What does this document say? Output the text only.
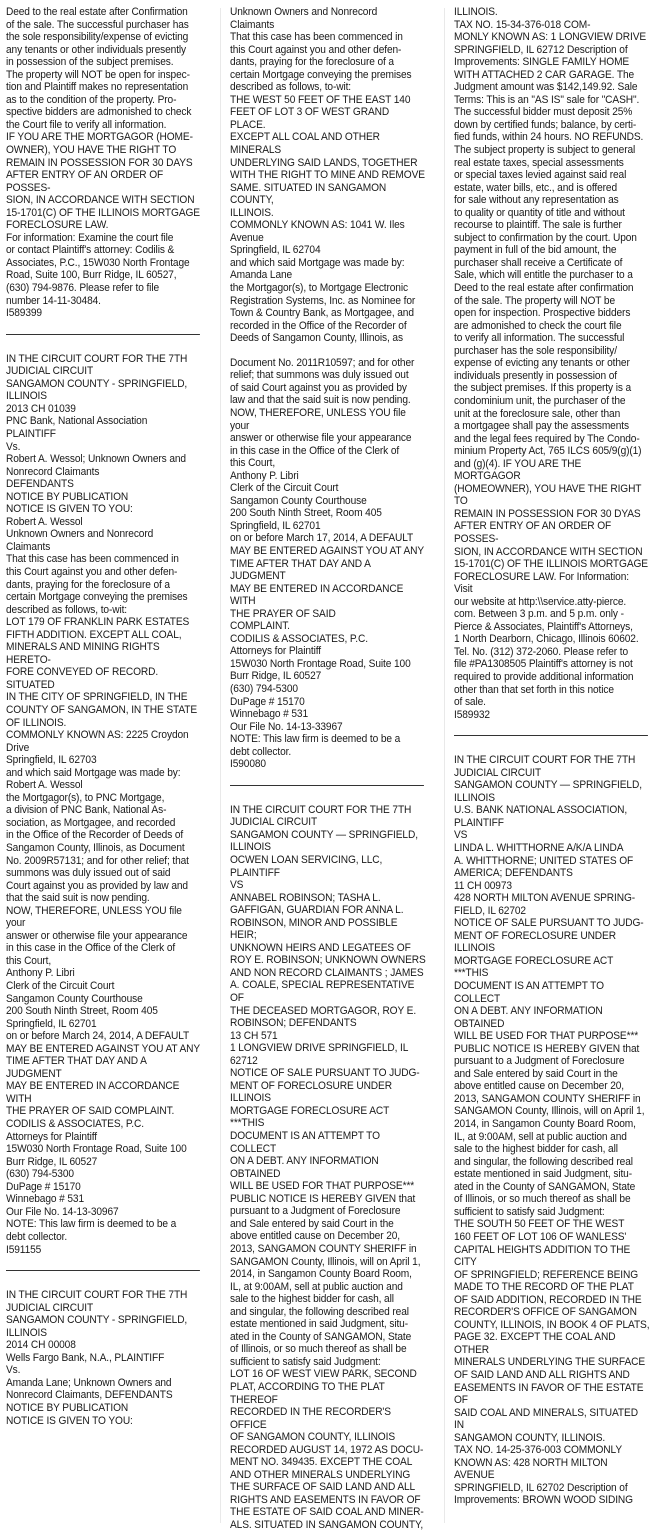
Deed to the real estate after Confirmation
of the sale. The successful purchaser has
the sole responsibility/expense of evicting
any tenants or other individuals presently
in possession of the subject premises.
The property will NOT be open for inspec-
tion and Plaintiff makes no representation
as to the condition of the property. Pro-
spective bidders are admonished to check
the Court file to verify all information.
IF YOU ARE THE MORTGAGOR (HOME-
OWNER), YOU HAVE THE RIGHT TO
REMAIN IN POSSESSION FOR 30 DAYS
AFTER ENTRY OF AN ORDER OF POSSES-
SION, IN ACCORDANCE WITH SECTION
15-1701(C) OF THE ILLINOIS MORTGAGE
FORECLOSURE LAW.
For information: Examine the court file
or contact Plaintiff's attorney: Codilis &
Associates, P.C., 15W030 North Frontage
Road, Suite 100, Burr Ridge, IL 60527,
(630) 794-9876. Please refer to file
number 14-11-30484.
I589399
IN THE CIRCUIT COURT FOR THE 7TH
JUDICIAL CIRCUIT
SANGAMON COUNTY - SPRINGFIELD,
ILLINOIS
2013 CH 01039
PNC Bank, National Association
PLAINTIFF
Vs.
Robert A. Wessol; Unknown Owners and
Nonrecord Claimants
DEFENDANTS
NOTICE BY PUBLICATION
NOTICE IS GIVEN TO YOU:
Robert A. Wessol
Unknown Owners and Nonrecord
Claimants
That this case has been commenced in
this Court against you and other defen-
dants, praying for the foreclosure of a
certain Mortgage conveying the premises
described as follows, to-wit:
LOT 179 OF FRANKLIN PARK ESTATES
FIFTH ADDITION. EXCEPT ALL COAL,
MINERALS AND MINING RIGHTS HERETO-
FORE CONVEYED OF RECORD. SITUATED
IN THE CITY OF SPRINGFIELD, IN THE
COUNTY OF SANGAMON, IN THE STATE
OF ILLINOIS.
COMMONLY KNOWN AS: 2225 Croydon
Drive
Springfield, IL 62703
and which said Mortgage was made by:
Robert A. Wessol
the Mortgagor(s), to PNC Mortgage,
a division of PNC Bank, National As-
sociation, as Mortgagee, and recorded
in the Office of the Recorder of Deeds of
Sangamon County, Illinois, as Document
No. 2009R57131; and for other relief; that
summons was duly issued out of said
Court against you as provided by law and
that the said suit is now pending.
NOW, THEREFORE, UNLESS YOU file your
answer or otherwise file your appearance
in this case in the Office of the Clerk of
this Court,
Anthony P. Libri
Clerk of the Circuit Court
Sangamon County Courthouse
200 South Ninth Street, Room 405
Springfield, IL 62701
on or before March 24, 2014, A DEFAULT
MAY BE ENTERED AGAINST YOU AT ANY
TIME AFTER THAT DAY AND A JUDGMENT
MAY BE ENTERED IN ACCORDANCE WITH
THE PRAYER OF SAID COMPLAINT.
CODILIS & ASSOCIATES, P.C.
Attorneys for Plaintiff
15W030 North Frontage Road, Suite 100
Burr Ridge, IL 60527
(630) 794-5300
DuPage # 15170
Winnebago # 531
Our File No. 14-13-30967
NOTE: This law firm is deemed to be a
debt collector.
I591155
IN THE CIRCUIT COURT FOR THE 7TH
JUDICIAL CIRCUIT
SANGAMON COUNTY - SPRINGFIELD,
ILLINOIS
2014 CH 00008
Wells Fargo Bank, N.A., PLAINTIFF
Vs.
Amanda Lane; Unknown Owners and
Nonrecord Claimants, DEFENDANTS
NOTICE BY PUBLICATION
NOTICE IS GIVEN TO YOU:
Unknown Owners and Nonrecord
Claimants
That this case has been commenced in
this Court against you and other defen-
dants, praying for the foreclosure of a
certain Mortgage conveying the premises
described as follows, to-wit:
THE WEST 50 FEET OF THE EAST 140
FEET OF LOT 3 OF WEST GRAND PLACE.
EXCEPT ALL COAL AND OTHER MINERALS
UNDERLYING SAID LANDS, TOGETHER
WITH THE RIGHT TO MINE AND REMOVE
SAME. SITUATED IN SANGAMON COUNTY,
ILLINOIS.
COMMONLY KNOWN AS: 1041 W. Iles
Avenue
Springfield, IL 62704
and which said Mortgage was made by:
Amanda Lane
the Mortgagor(s), to Mortgage Electronic
Registration Systems, Inc. as Nominee for
Town & Country Bank, as Mortgagee, and
recorded in the Office of the Recorder of
Deeds of Sangamon County, Illinois, as
Document No. 2011R10597; and for other
relief; that summons was duly issued out
of said Court against you as provided by
law and that the said suit is now pending.
NOW, THEREFORE, UNLESS YOU file your
answer or otherwise file your appearance
in this case in the Office of the Clerk of
this Court,
Anthony P. Libri
Clerk of the Circuit Court
Sangamon County Courthouse
200 South Ninth Street, Room 405
Springfield, IL 62701
on or before March 17, 2014, A DEFAULT
MAY BE ENTERED AGAINST YOU AT ANY
TIME AFTER THAT DAY AND A JUDGMENT
MAY BE ENTERED IN ACCORDANCE WITH
THE PRAYER OF SAID
COMPLAINT.
CODILIS & ASSOCIATES, P.C.
Attorneys for Plaintiff
15W030 North Frontage Road, Suite 100
Burr Ridge, IL 60527
(630) 794-5300
DuPage # 15170
Winnebago # 531
Our File No. 14-13-33967
NOTE: This law firm is deemed to be a
debt collector.
I590080
IN THE CIRCUIT COURT FOR THE 7TH
JUDICIAL CIRCUIT
SANGAMON COUNTY — SPRINGFIELD,
ILLINOIS
OCWEN LOAN SERVICING, LLC, PLAINTIFF
VS
ANNABEL ROBINSON; TASHA L.
GAFFIGAN, GUARDIAN FOR ANNA L.
ROBINSON, MINOR AND POSSIBLE HEIR;
UNKNOWN HEIRS AND LEGATEES OF
ROY E. ROBINSON; UNKNOWN OWNERS
AND NON RECORD CLAIMANTS ; JAMES
A. COALE, SPECIAL REPRESENTATIVE OF
THE DECEASED MORTGAGOR, ROY E.
ROBINSON; DEFENDANTS
13 CH 571
1 LONGVIEW DRIVE SPRINGFIELD, IL
62712
NOTICE OF SALE PURSUANT TO JUDG-
MENT OF FORECLOSURE UNDER ILLINOIS
MORTGAGE FORECLOSURE ACT ***THIS
DOCUMENT IS AN ATTEMPT TO COLLECT
ON A DEBT. ANY INFORMATION OBTAINED
WILL BE USED FOR THAT PURPOSE***
PUBLIC NOTICE IS HEREBY GIVEN that
pursuant to a Judgment of Foreclosure
and Sale entered by said Court in the
above entitled cause on December 20,
2013, SANGAMON COUNTY SHERIFF in
SANGAMON County, Illinois, will on April 1,
2014, in Sangamon County Board Room,
IL, at 9:00AM, sell at public auction and
sale to the highest bidder for cash, all
and singular, the following described real
estate mentioned in said Judgment, situ-
ated in the County of SANGAMON, State
of Illinois, or so much thereof as shall be
sufficient to satisfy said Judgment:
LOT 16 OF WEST VIEW PARK, SECOND
PLAT, ACCORDING TO THE PLAT THEREOF
RECORDED IN THE RECORDER'S OFFICE
OF SANGAMON COUNTY, ILLINOIS
RECORDED AUGUST 14, 1972 AS DOCU-
MENT NO. 349435. EXCEPT THE COAL
AND OTHER MINERALS UNDERLYING
THE SURFACE OF SAID LAND AND ALL
RIGHTS AND EASEMENTS IN FAVOR OF
THE ESTATE OF SAID COAL AND MINER-
ALS. SITUATED IN SANGAMON COUNTY,
ILLINOIS.
TAX NO. 15-34-376-018 COM-
MONLY KNOWN AS: 1 LONGVIEW DRIVE
SPRINGFIELD, IL 62712 Description of
Improvements: SINGLE FAMILY HOME
WITH ATTACHED 2 CAR GARAGE. The
Judgment amount was $142,149.92. Sale
Terms: This is an "AS IS" sale for "CASH".
The successful bidder must deposit 25%
down by certified funds; balance, by certi-
fied funds, within 24 hours. NO REFUNDS.
The subject property is subject to general
real estate taxes, special assessments
or special taxes levied against said real
estate, water bills, etc., and is offered
for sale without any representation as
to quality or quantity of title and without
recourse to plaintiff. The sale is further
subject to confirmation by the court. Upon
payment in full of the bid amount, the
purchaser shall receive a Certificate of
Sale, which will entitle the purchaser to a
Deed to the real estate after confirmation
of the sale. The property will NOT be
open for inspection. Prospective bidders
are admonished to check the court file
to verify all information. The successful
purchaser has the sole responsibility/
expense of evicting any tenants or other
individuals presently in possession of
the subject premises. If this property is a
condominium unit, the purchaser of the
unit at the foreclosure sale, other than
a mortgagee shall pay the assessments
and the legal fees required by The Condo-
minium Property Act, 765 ILCS 605/9(g)(1)
and (g)(4). IF YOU ARE THE MORTGAGOR
(HOMEOWNER), YOU HAVE THE RIGHT TO
REMAIN IN POSSESSION FOR 30 DYAS
AFTER ENTRY OF AN ORDER OF POSSES-
SION, IN ACCORDANCE WITH SECTION
15-1701(C) OF THE ILLINOIS MORTGAGE
FORECLOSURE LAW. For Information: Visit
our website at http:\\service.atty-pierce.
com. Between 3 p.m. and 5 p.m. only -
Pierce & Associates, Plaintiff's Attorneys,
1 North Dearborn, Chicago, Illinois 60602.
Tel. No. (312) 372-2060. Please refer to
file #PA1308505 Plaintiff's attorney is not
required to provide additional information
other than that set forth in this notice
of sale.
I589932
IN THE CIRCUIT COURT FOR THE 7TH
JUDICIAL CIRCUIT
SANGAMON COUNTY — SPRINGFIELD,
ILLINOIS
U.S. BANK NATIONAL ASSOCIATION,
PLAINTIFF
VS
LINDA L. WHITTHORNE A/K/A LINDA
A. WHITTHORNE; UNITED STATES OF
AMERICA; DEFENDANTS
11 CH 00973
428 NORTH MILTON AVENUE SPRING-
FIELD, IL 62702
NOTICE OF SALE PURSUANT TO JUDG-
MENT OF FORECLOSURE UNDER ILLINOIS
MORTGAGE FORECLOSURE ACT ***THIS
DOCUMENT IS AN ATTEMPT TO COLLECT
ON A DEBT. ANY INFORMATION OBTAINED
WILL BE USED FOR THAT PURPOSE***
PUBLIC NOTICE IS HEREBY GIVEN that
pursuant to a Judgment of Foreclosure
and Sale entered by said Court in the
above entitled cause on December 20,
2013, SANGAMON COUNTY SHERIFF in
SANGAMON County, Illinois, will on April 1,
2014, in Sangamon County Board Room,
IL, at 9:00AM, sell at public auction and
sale to the highest bidder for cash, all
and singular, the following described real
estate mentioned in said Judgment, situ-
ated in the County of SANGAMON, State
of Illinois, or so much thereof as shall be
sufficient to satisfy said Judgment:
THE SOUTH 50 FEET OF THE WEST
160 FEET OF LOT 106 OF WANLESS'
CAPITAL HEIGHTS ADDITION TO THE CITY
OF SPRINGFIELD; REFERENCE BEING
MADE TO THE RECORD OF THE PLAT
OF SAID ADDITION, RECORDED IN THE
RECORDER'S OFFICE OF SANGAMON
COUNTY, ILLINOIS, IN BOOK 4 OF PLATS,
PAGE 32. EXCEPT THE COAL AND OTHER
MINERALS UNDERLYING THE SURFACE
OF SAID LAND AND ALL RIGHTS AND
EASEMENTS IN FAVOR OF THE ESTATE OF
SAID COAL AND MINERALS, SITUATED IN
SANGAMON COUNTY, ILLINOIS.
TAX NO. 14-25-376-003 COMMONLY
KNOWN AS: 428 NORTH MILTON AVENUE
SPRINGFIELD, IL 62702 Description of
Improvements: BROWN WOOD SIDING
